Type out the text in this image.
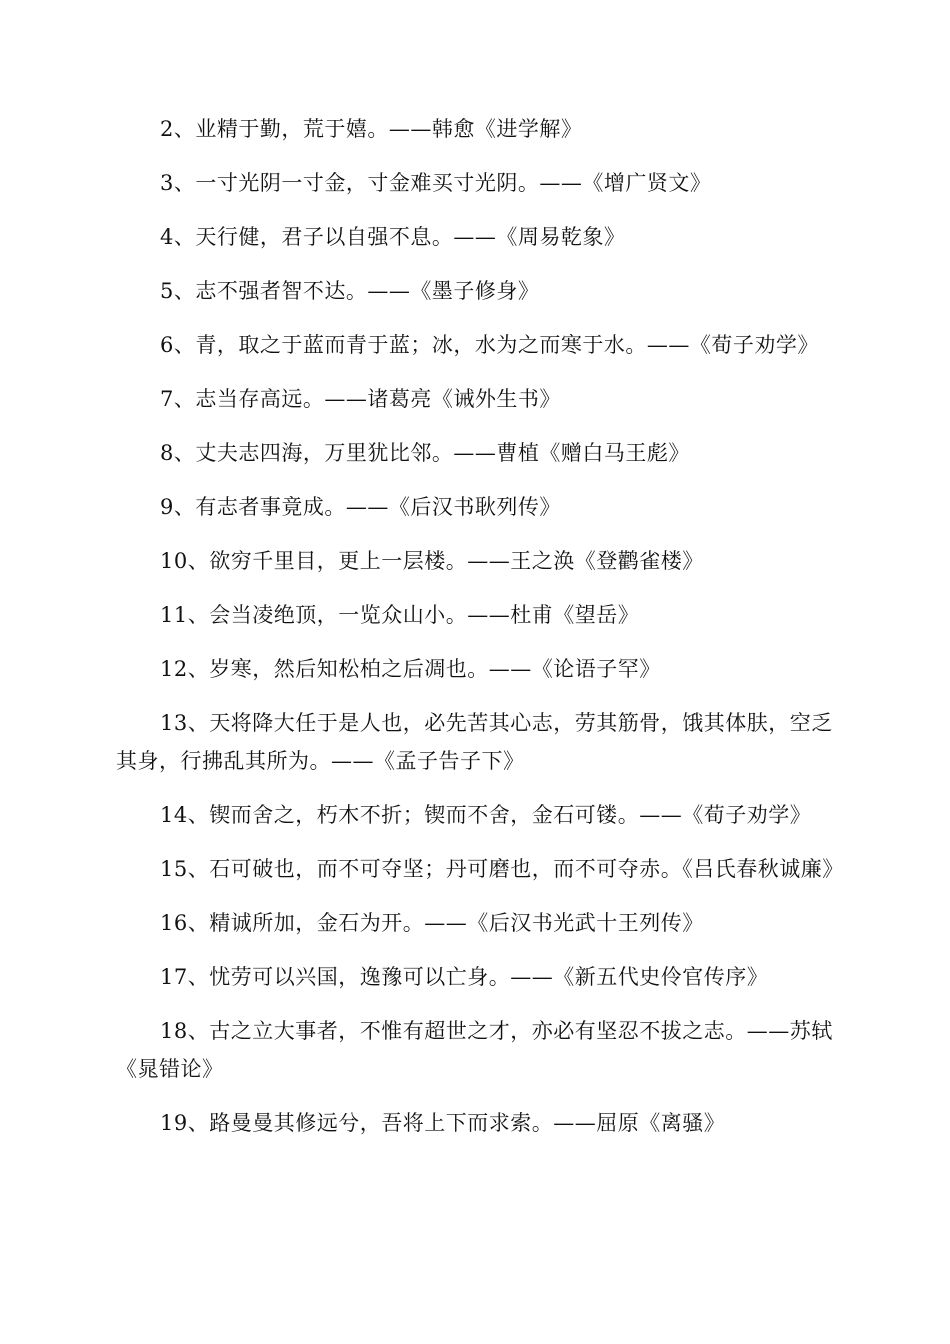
2、业精于勤，荒于嬉。——韩愈《进学解》

3、一寸光阴一寸金，寸金难买寸光阴。——《增广贤文》

4、天行健，君子以自强不息。——《周易乾象》

5、志不强者智不达。——《墨子修身》

6、青，取之于蓝而青于蓝；冰，水为之而寒于水。——《荀子劝学》

7、志当存高远。——诸葛亮《诫外生书》

8、丈夫志四海，万里犹比邻。——曹植《赠白马王彪》

9、有志者事竟成。——《后汉书耿列传》

10、欲穷千里目，更上一层楼。——王之涣《登鹳雀楼》

11、会当凌绝顶，一览众山小。——杜甫《望岳》

12、岁寒，然后知松柏之后凋也。——《论语子罕》

13、天将降大任于是人也，必先苦其心志，劳其筋骨，饿其体肤，空乏其身，行拂乱其所为。——《孟子告子下》

14、锲而舍之，朽木不折；锲而不舍，金石可镂。——《荀子劝学》

15、石可破也，而不可夺坚；丹可磨也，而不可夺赤。《吕氏春秋诚廉》

16、精诚所加，金石为开。——《后汉书光武十王列传》

17、忧劳可以兴国，逸豫可以亡身。——《新五代史伶官传序》

18、古之立大事者，不惟有超世之才，亦必有坚忍不拔之志。——苏轼《晁错论》

19、路曼曼其修远兮，吾将上下而求索。——屈原《离骚》
